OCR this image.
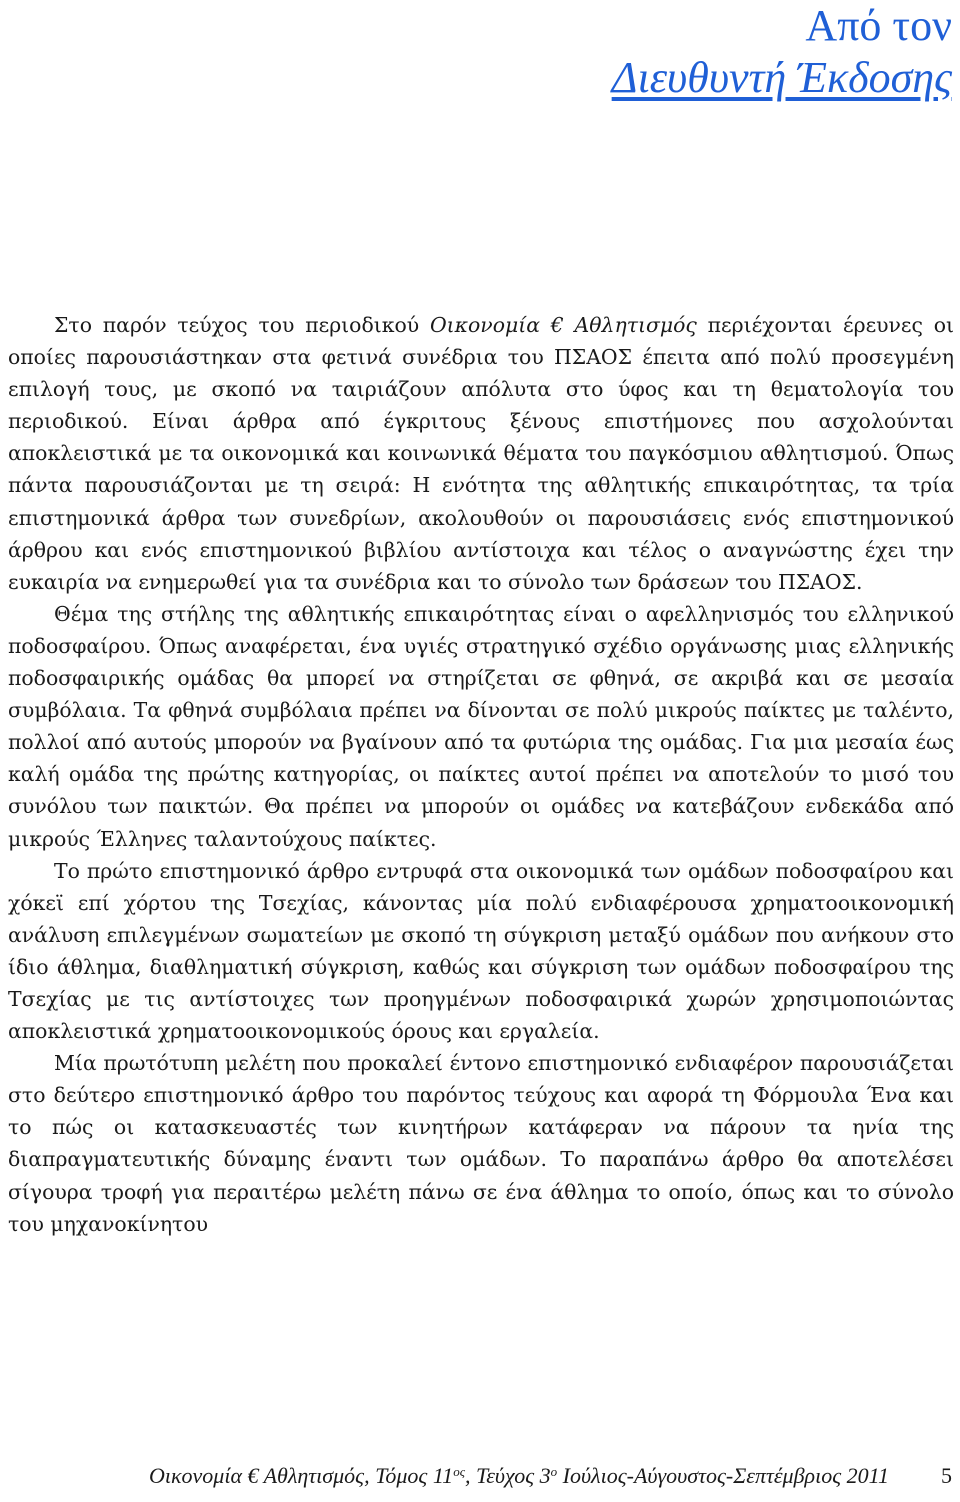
Από τον
Διευθυντή Έκδοσης

Στο παρόν τεύχος του περιοδικού Οικονομία € Αθλητισμός περιέχονται έρευνες οι οποίες παρουσιάστηκαν στα φετινά συνέδρια του ΠΣΑΟΣ έπειτα από πολύ προσεγμένη επιλογή τους, με σκοπό να ταιριάζουν απόλυτα στο ύφος και τη θεματολογία του περιοδικού. Είναι άρθρα από έγκριτους ξένους επιστήμονες που ασχολούνται αποκλειστικά με τα οικονομικά και κοινωνικά θέματα του παγκόσμιου αθλητισμού. Όπως πάντα παρουσιάζονται με τη σειρά: Η ενότητα της αθλητικής επικαιρότητας, τα τρία επιστημονικά άρθρα των συνεδρίων, ακολουθούν οι παρουσιάσεις ενός επιστημονικού άρθρου και ενός επιστημονικού βιβλίου αντίστοιχα και τέλος ο αναγνώστης έχει την ευκαιρία να ενημερωθεί για τα συνέδρια και το σύνολο των δράσεων του ΠΣΑΟΣ.

Θέμα της στήλης της αθλητικής επικαιρότητας είναι ο αφελληνισμός του ελληνικού ποδοσφαίρου. Όπως αναφέρεται, ένα υγιές στρατηγικό σχέδιο οργάνωσης μιας ελληνικής ποδοσφαιρικής ομάδας θα μπορεί να στηρίζεται σε φθηνά, σε ακριβά και σε μεσαία συμβόλαια. Τα φθηνά συμβόλαια πρέπει να δίνονται σε πολύ μικρούς παίκτες με ταλέντο, πολλοί από αυτούς μπορούν να βγαίνουν από τα φυτώρια της ομάδας. Για μια μεσαία έως καλή ομάδα της πρώτης κατηγορίας, οι παίκτες αυτοί πρέπει να αποτελούν το μισό του συνόλου των παικτών. Θα πρέπει να μπορούν οι ομάδες να κατεβάζουν ενδεκάδα από μικρούς Έλληνες ταλαντούχους παίκτες.

Το πρώτο επιστημονικό άρθρο εντρυφά στα οικονομικά των ομάδων ποδοσφαίρου και χόκεϊ επί χόρτου της Τσεχίας, κάνοντας μία πολύ ενδιαφέρουσα χρηματοοικονομική ανάλυση επιλεγμένων σωματείων με σκοπό τη σύγκριση μεταξύ ομάδων που ανήκουν στο ίδιο άθλημα, διαθληματική σύγκριση, καθώς και σύγκριση των ομάδων ποδοσφαίρου της Τσεχίας με τις αντίστοιχες των προηγμένων ποδοσφαιρικά χωρών χρησιμοποιώντας αποκλειστικά χρηματοοικονομικούς όρους και εργαλεία.

Μία πρωτότυπη μελέτη που προκαλεί έντονο επιστημονικό ενδιαφέρον παρουσιάζεται στο δεύτερο επιστημονικό άρθρο του παρόντος τεύχους και αφορά τη Φόρμουλα Ένα και το πώς οι κατασκευαστές των κινητήρων κατάφεραν να πάρουν τα ηνία της διαπραγματευτικής δύναμης έναντι των ομάδων. Το παραπάνω άρθρο θα αποτελέσει σίγουρα τροφή για περαιτέρω μελέτη πάνω σε ένα άθλημα το οποίο, όπως και το σύνολο του μηχανοκίνητου

Οικονομία € Αθλητισμός, Τόμος $11^{o\varsigma}$, Τεύχος $3^o$ Ιούλιος-Αύγουστος-Σεπτέμβριος 2011 5
